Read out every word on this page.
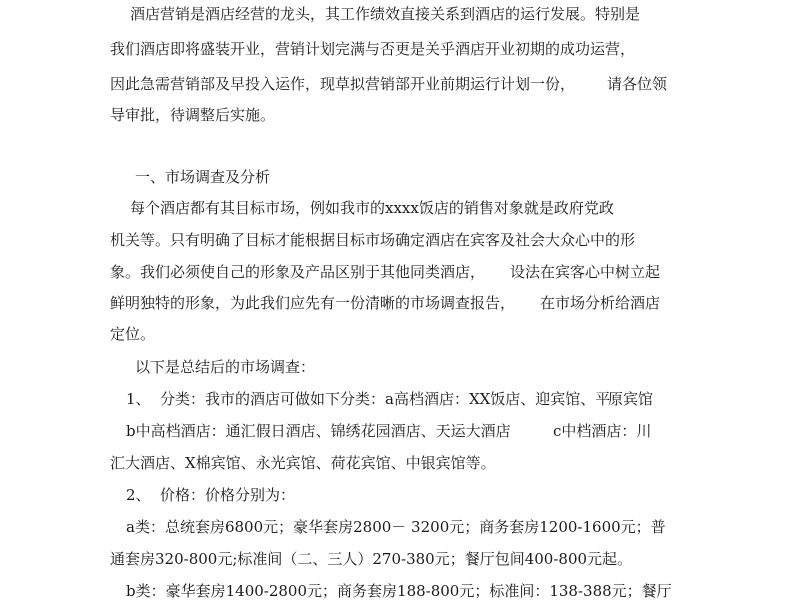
酒店营销是酒店经营的龙头，其工作绩效直接关系到酒店的运行发展。特别是
我们酒店即将盛装开业，营销计划完满与否更是关乎酒店开业初期的成功运营，
因此急需营销部及早投入运作，现草拟营销部开业前期运行计划一份， 请各位领
导审批，待调整后实施。
一、市场调查及分析
每个酒店都有其目标市场，例如我市的xxxx饭店的销售对象就是政府党政
机关等。只有明确了目标才能根据目标市场确定酒店在宾客及社会大众心中的形
象。我们必须使自己的形象及产品区别于其他同类酒店， 设法在宾客心中树立起
鲜明独特的形象，为此我们应先有一份清晰的市场调查报告， 在市场分析给酒店
定位。
以下是总结后的市场调查：
1、 分类：我市的酒店可做如下分类：a高档酒店：XX饭店、迎宾馆、平
原宾馆
b中高档酒店：通汇假日酒店、锦绣花园酒店、天运大酒店	c中档酒店：川
汇大酒店、X棉宾馆、永光宾馆、荷花宾馆、中银宾馆等。
2、 价格：价格分别为：
a类：总统套房6800元；豪华套房2800－ 3200元；商务套房1200-1600元；普
通套房320-800元;标准间（二、三人）270-380元；餐厅包间400-800元起。
b类：豪华套房1400-2800元；商务套房188-800元；标准间：138-388元；餐厅
